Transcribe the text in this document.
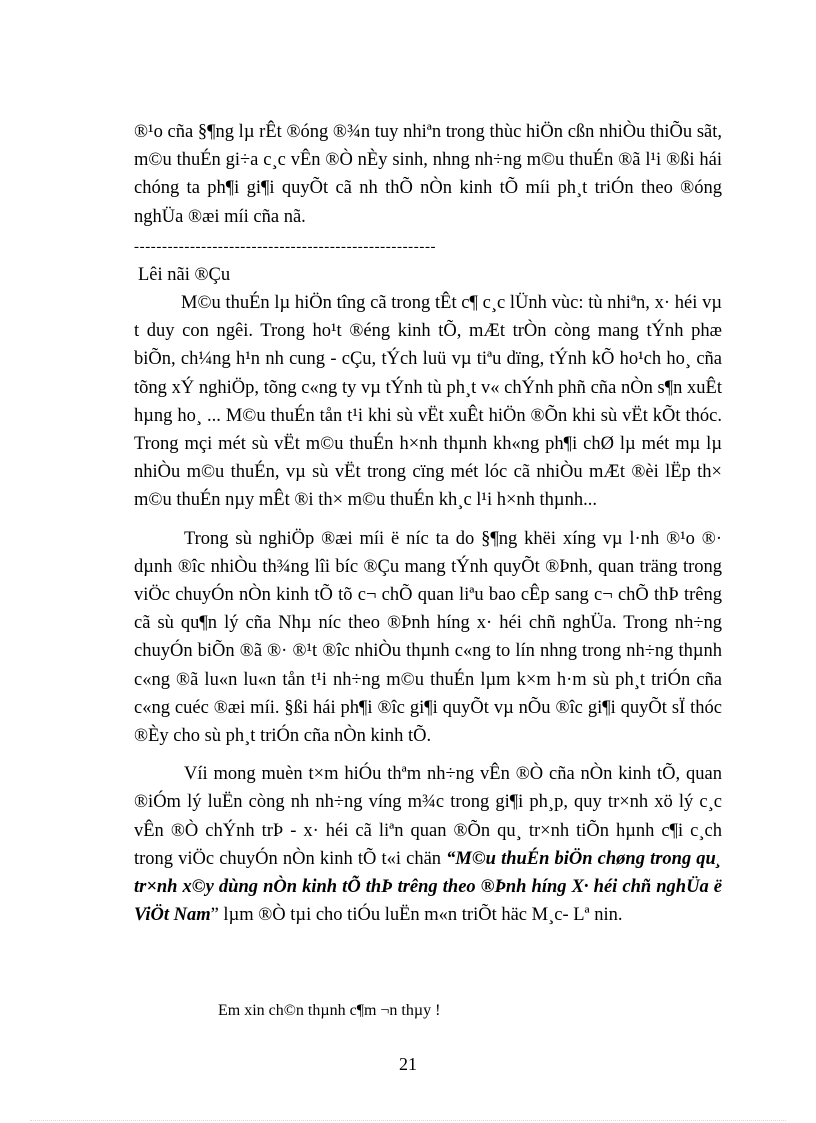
®¹o cña §¶ng lµ rÊt ®óng ®¾n tuy nhiªn trong thùc hiÖn cßn nhiÒu thiÕu sãt, m©u thuÉn gi÷a c¸c vÊn ®Ò nÈy sinh, nhng nh÷ng m©u thuÉn ®ã l¹i ®ßi hái chóng ta ph¶i gi¶i quyÕt cã nh thÕ nÒn kinh tÕ míi ph¸t triÓn theo ®óng nghÜa ®æi míi cña nã.

------------------------------------------------------

Lêi nãi ®Çu

M©u thuÉn lµ hiÖn tîng cã trong tÊt c¶ c¸c lÜnh vùc: tù nhiªn, x· héi vµ t duy con ngêi. Trong ho¹t ®éng kinh tÕ, mÆt trÒn còng mang tÝnh phæ biÕn, ch¼ng h¹n nh cung - cÇu, tÝch luü vµ tiªu dïng, tÝnh kÕ ho¹ch ho¸ cña tõng xÝ nghiÖp, tõng c«ng ty vµ tÝnh tù ph¸t v« chÝnh phñ cña nÒn s¶n xuÊt hµng ho¸ ... M©u thuÉn tån t¹i khi sù vËt xuÊt hiÖn ®Õn khi sù vËt kÕt thóc. Trong mçi mét sù vËt m©u thuÉn h×nh thµnh kh«ng ph¶i chØ lµ mét mµ lµ nhiÒu m©u thuÉn, vµ sù vËt trong cïng mét lóc cã nhiÒu mÆt ®èi lËp th× m©u thuÉn nµy mÊt ®i th× m©u thuÉn kh¸c l¹i h×nh thµnh...

Trong sù nghiÖp ®æi míi ë níc ta do §¶ng khëi xíng vµ l·nh ®¹o ®· dµnh ®îc nhiÒu th¾ng lîi bíc ®Çu mang tÝnh quyÕt ®Þnh, quan träng trong viÖc chuyÓn nÒn kinh tÕ tõ c¬ chÕ quan liªu bao cÊp sang c¬ chÕ thÞ trêng cã sù qu¶n lý cña Nhµ níc theo ®Þnh híng x· héi chñ nghÜa. Trong nh÷ng chuyÓn biÕn ®ã ®· ®¹t ®îc nhiÒu thµnh c«ng to lín nhng trong nh÷ng thµnh c«ng ®ã lu«n lu«n tån t¹i nh÷ng m©u thuÉn lµm k×m h·m sù ph¸t triÓn cña c«ng cuéc ®æi míi. §ßi hái ph¶i ®îc gi¶i quyÕt vµ nÕu ®îc gi¶i quyÕt sÏ thóc ®Èy cho sù ph¸t triÓn cña nÒn kinh tÕ.

Víi mong muèn t×m hiÓu thªm nh÷ng vÊn ®Ò cña nÒn kinh tÕ, quan ®iÓm lý luËn còng nh nh÷ng víng m¾c trong gi¶i ph¸p, quy tr×nh xö lý c¸c vÊn ®Ò chÝnh trÞ - x· héi cã liªn quan ®Õn qu¸ tr×nh tiÕn hµnh c¶i c¸ch trong viÖc chuyÓn nÒn kinh tÕ t«i chän “M©u thuÉn biÖn chøng trong qu¸ tr×nh x©y dùng nÒn kinh tÕ thÞ trêng theo ®Þnh híng X· héi chñ nghÜa ë ViÖt Nam” lµm ®Ò tµi cho tiÓu luËn m«n triÕt häc M¸c- Lª nin.

Em xin ch©n thµnh c¶m ¬n thµy !
21
